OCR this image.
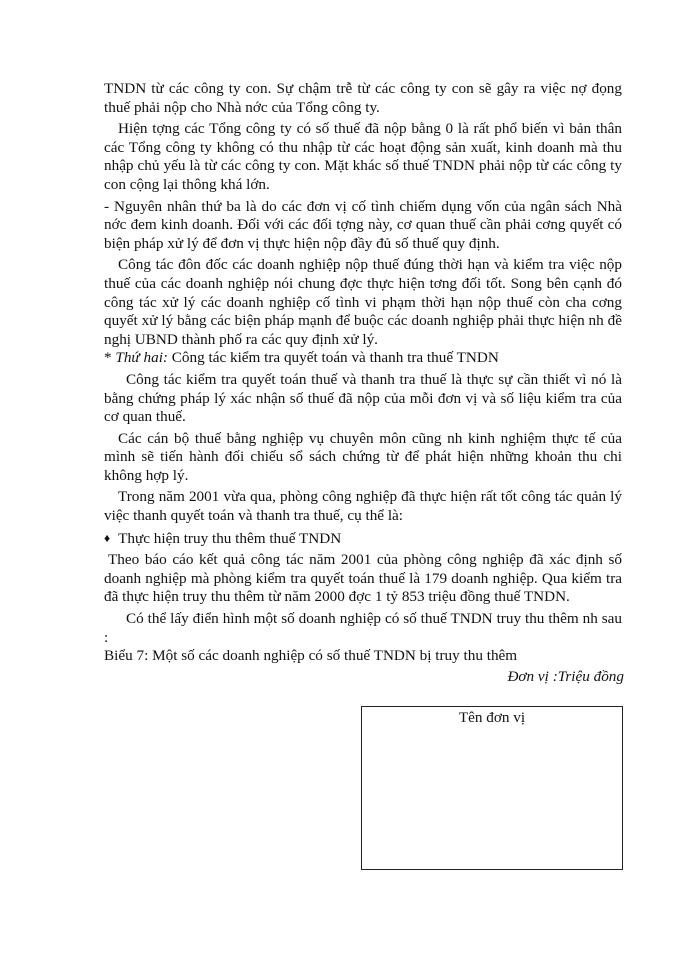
TNDN từ các công ty con. Sự chậm trễ từ các công ty con sẽ gây ra việc nợ đọng thuế phải nộp cho Nhà nớc của Tổng công ty.

Hiện tợng các Tổng công ty có số thuế đã nộp bằng 0 là rất phổ biến vì bản thân các Tổng công ty không có thu nhập từ các hoạt động sản xuất, kinh doanh mà thu nhập chủ yếu là từ các công ty con. Mặt khác số thuế TNDN phải nộp từ các công ty con cộng lại thông khá lớn.

- Nguyên nhân thứ ba là do các đơn vị cố tình chiếm dụng vốn của ngân sách Nhà nớc đem kinh doanh. Đối với các đối tợng này, cơ quan thuế cần phải cơng quyết có biện pháp xử lý để đơn vị thực hiện nộp đầy đủ số thuế quy định.

Công tác đôn đốc các doanh nghiệp nộp thuế đúng thời hạn và kiểm tra việc nộp thuế của các doanh nghiệp nói chung đợc thực hiện tơng đối tốt. Song bên cạnh đó công tác xử lý các doanh nghiệp cố tình vi phạm thời hạn nộp thuế còn cha cơng quyết xử lý bằng các biện pháp mạnh để buộc các doanh nghiệp phải thực hiện nh đề nghị UBND thành phố ra các quy định xử lý.

* Thứ hai: Công tác kiểm tra quyết toán và thanh tra thuế TNDN

Công tác kiểm tra quyết toán thuế và thanh tra thuế là thực sự cần thiết vì nó là bằng chứng pháp lý xác nhận số thuế đã nộp của mỗi đơn vị và số liệu kiểm tra của cơ quan thuế.

Các cán bộ thuế bằng nghiệp vụ chuyên môn cũng nh kinh nghiệm thực tế của mình sẽ tiến hành đối chiếu sổ sách chứng từ để phát hiện những khoản thu chi không hợp lý.

Trong năm 2001 vừa qua, phòng công nghiệp đã thực hiện rất tốt công tác quản lý việc thanh quyết toán và thanh tra thuế, cụ thể là:

♦ Thực hiện truy thu thêm thuế TNDN

Theo báo cáo kết quả công tác năm 2001 của phòng công nghiệp đã xác định số doanh nghiệp mà phòng kiểm tra quyết toán thuế là 179 doanh nghiệp. Qua kiểm tra đã thực hiện truy thu thêm từ năm 2000 đợc 1 tỷ 853 triệu đồng thuế TNDN.

Có thể lấy điển hình một số doanh nghiệp có số thuế TNDN truy thu thêm nh sau :

Biểu 7: Một số các doanh nghiệp có số thuế TNDN bị truy thu thêm

Đơn vị :Triệu đồng
Tên đơn vị
